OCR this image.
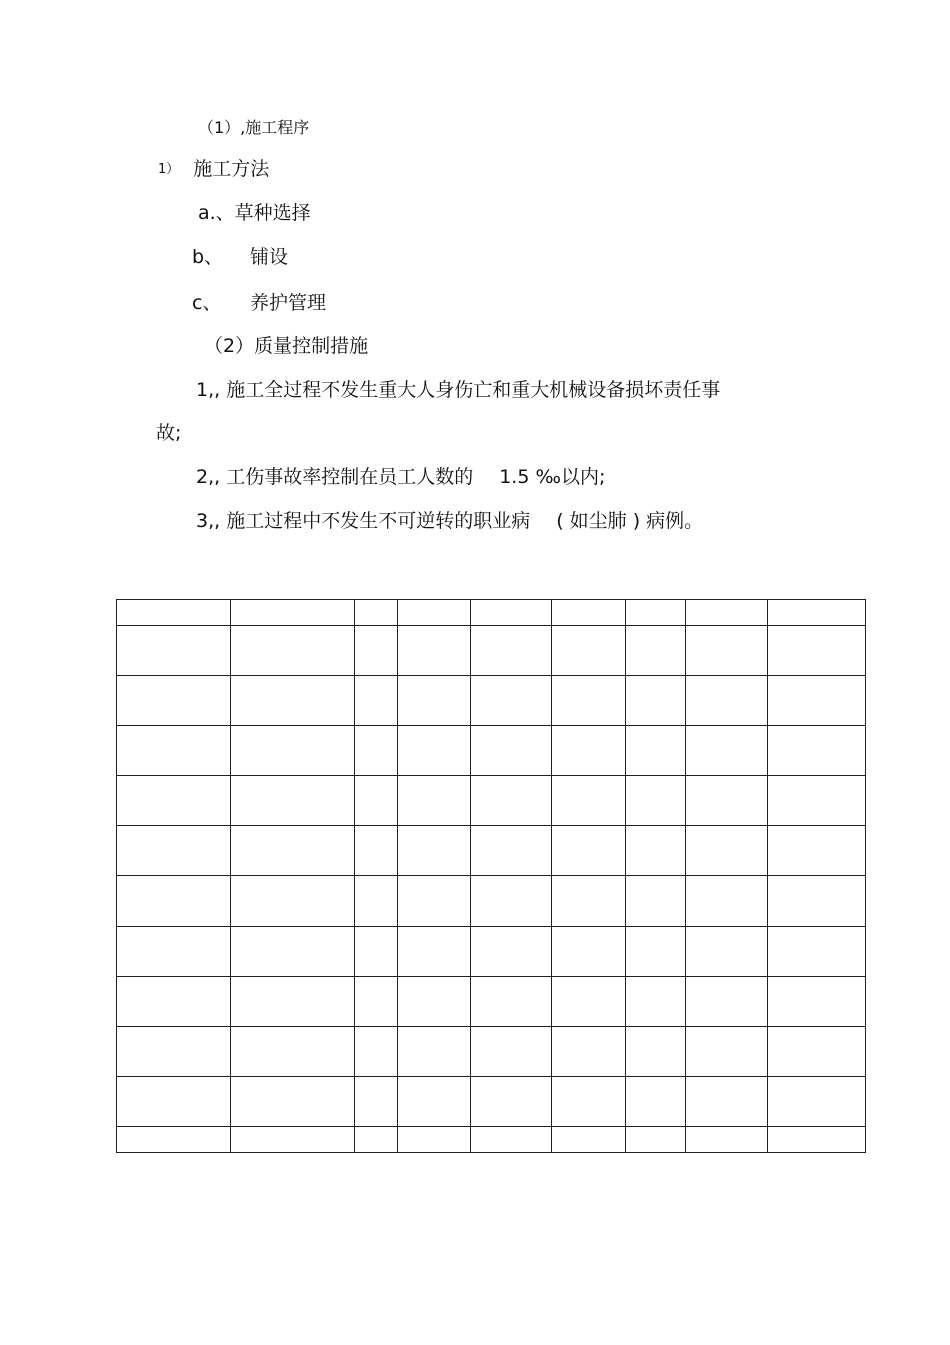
（1）,施工程序
1） 施工方法
a.、草种选择
b、 铺设
c、 养护管理
（2）质量控制措施
1,, 施工全过程不发生重大人身伤亡和重大机械设备损坏责任事
故;
2,, 工伤事故率控制在员工人数的 1.5 ‰以内;
3,, 施工过程中不发生不可逆转的职业病 ( 如尘肺 ) 病例。
